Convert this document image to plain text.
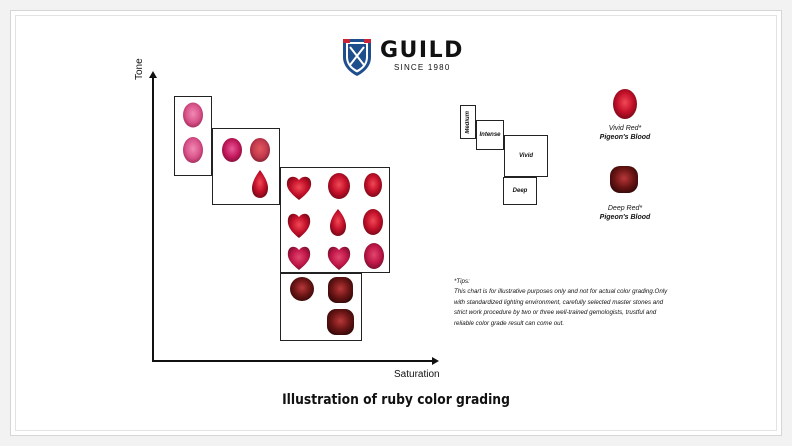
GUILD
SINCE 1980
Tone
Saturation
Medium
Intense
Vivid
Deep
Vivid Red*
Pigeon's Blood
Deep Red*
Pigeon's Blood
*Tips:
This chart is for illustrative purposes only and not for actual color grading.Only with standardized lighting environment, carefully selected master stones and strict work procedure by two or three well-trained gemologists, trustful and reliable color grade result can come out.
Illustration of ruby color grading
